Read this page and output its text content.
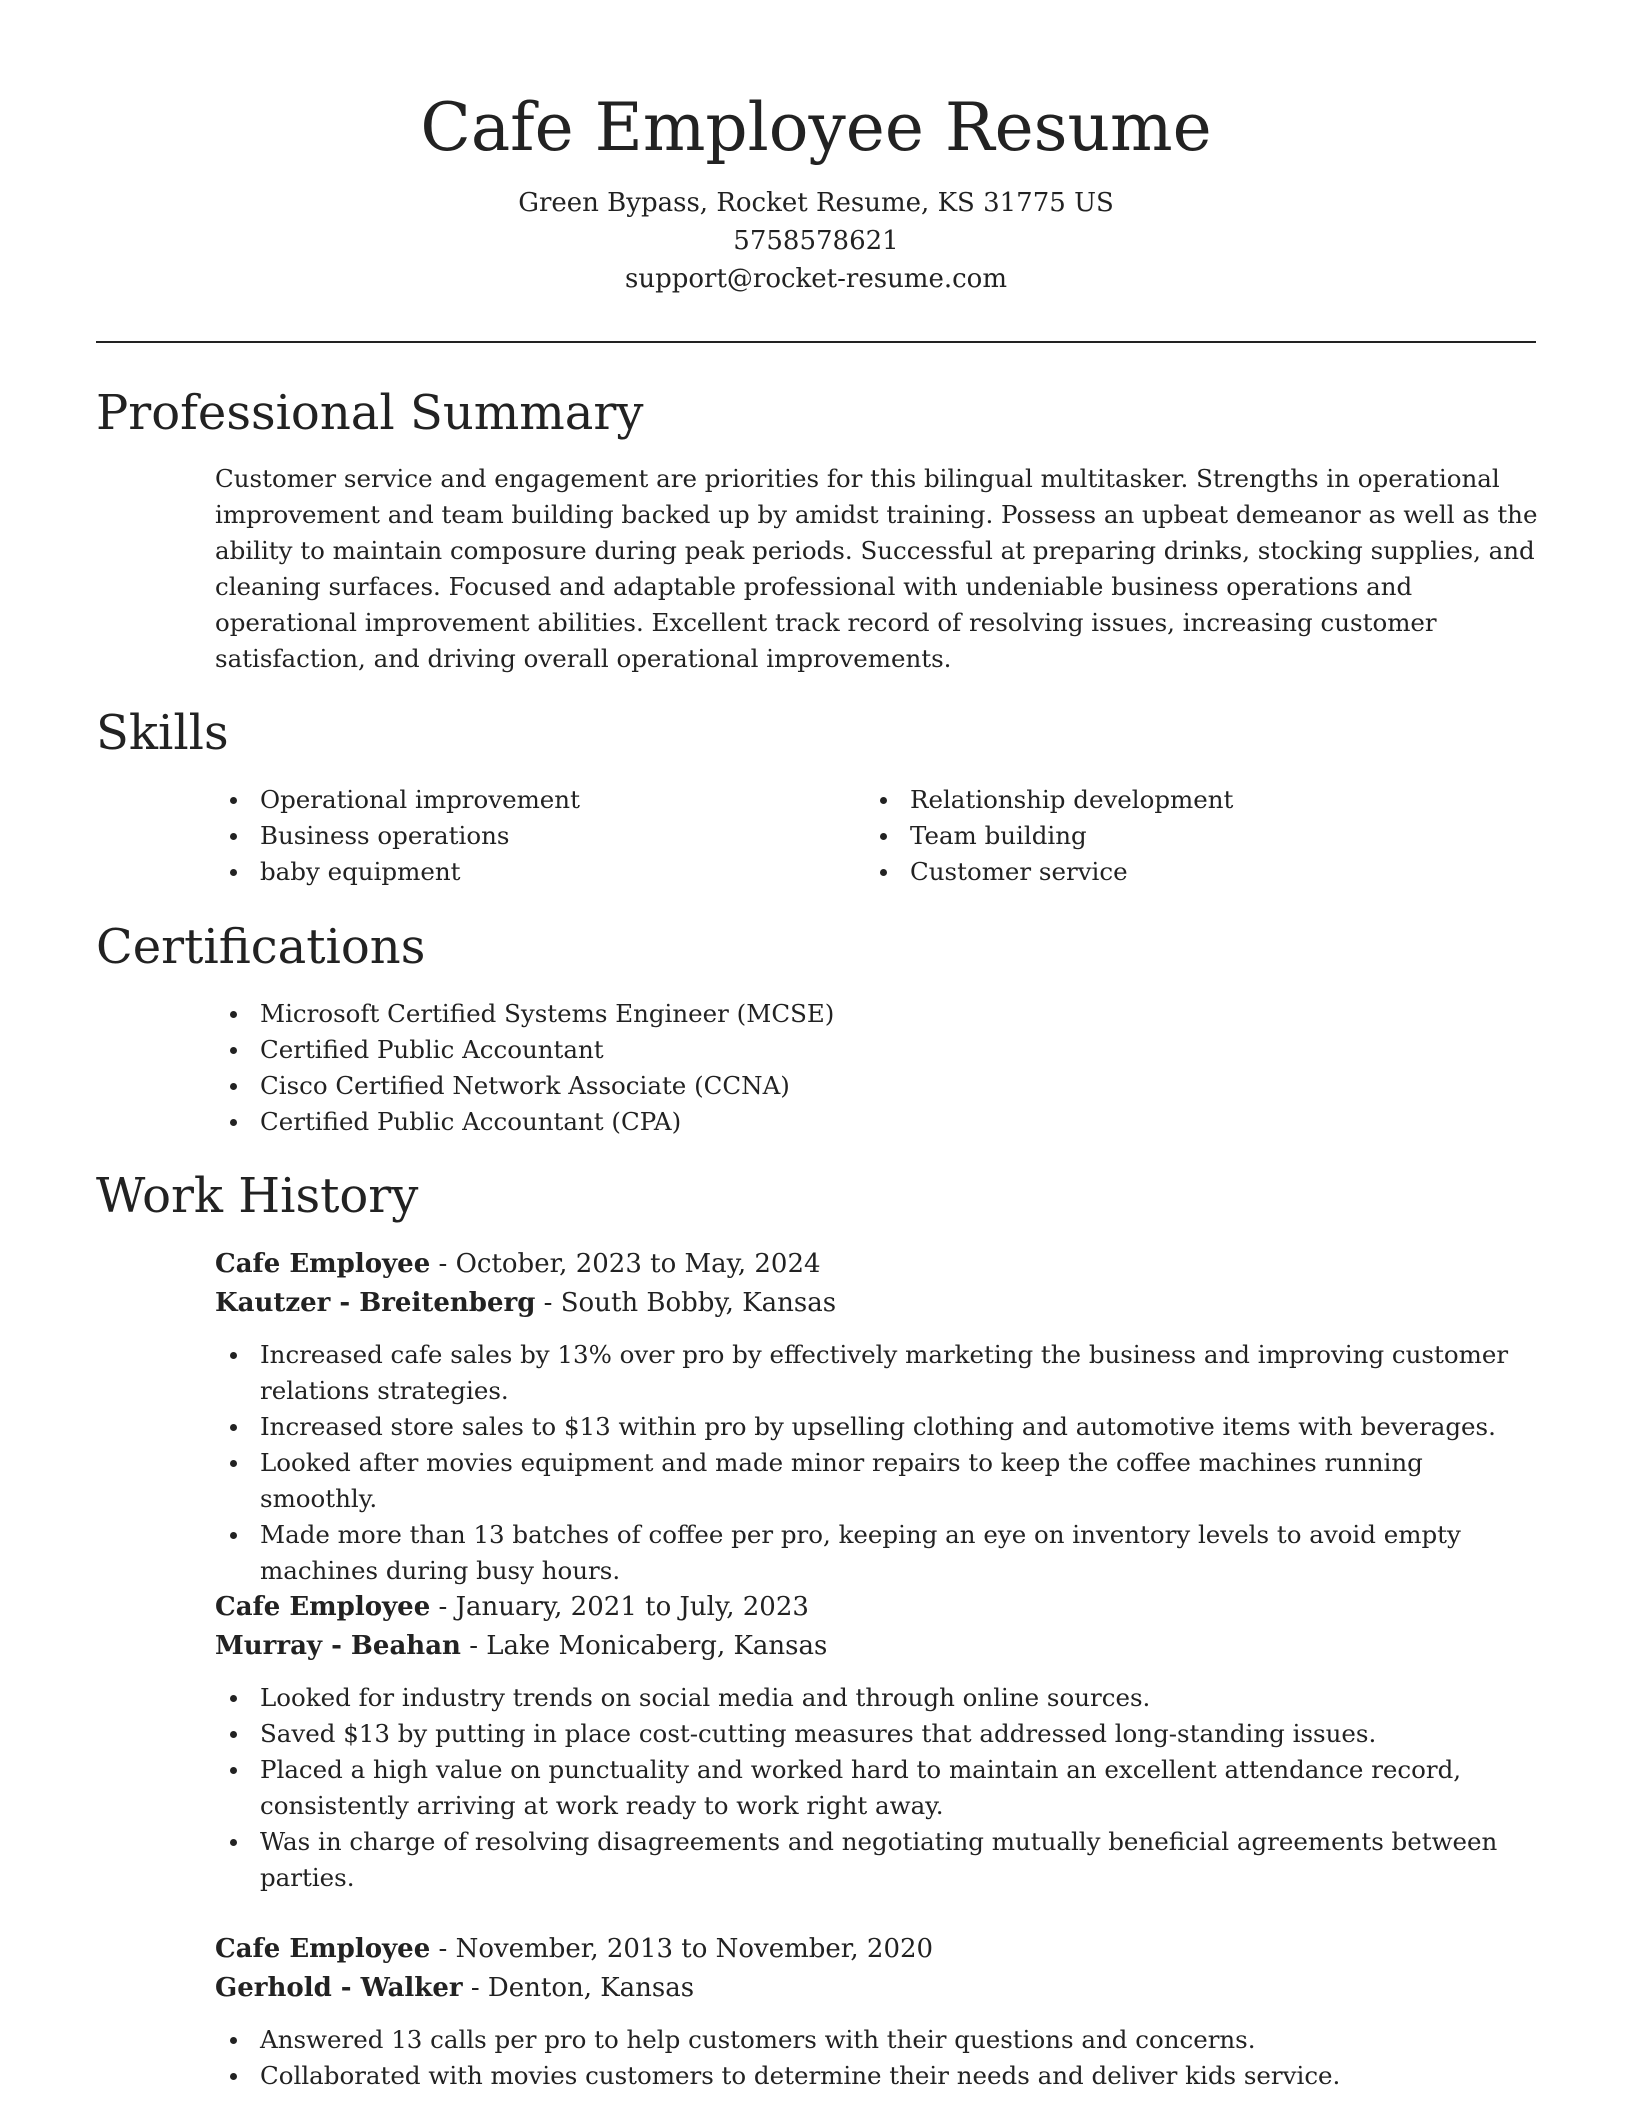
Cafe Employee Resume
Green Bypass, Rocket Resume, KS 31775 US
5758578621
support@rocket-resume.com
Professional Summary

Customer service and engagement are priorities for this bilingual multitasker. Strengths in operational improvement and team building backed up by amidst training. Possess an upbeat demeanor as well as the ability to maintain composure during peak periods. Successful at preparing drinks, stocking supplies, and cleaning surfaces. Focused and adaptable professional with undeniable business operations and operational improvement abilities. Excellent track record of resolving issues, increasing customer satisfaction, and driving overall operational improvements.

Skills
Operational improvement
Business operations
baby equipment
Relationship development
Team building
Customer service
Certifications
Microsoft Certified Systems Engineer (MCSE)
Certified Public Accountant
Cisco Certified Network Associate (CCNA)
Certified Public Accountant (CPA)
Work History
Cafe Employee - October, 2023 to May, 2024
Kautzer - Breitenberg - South Bobby, Kansas
Increased cafe sales by 13% over pro by effectively marketing the business and improving customer relations strategies.
Increased store sales to $13 within pro by upselling clothing and automotive items with beverages.
Looked after movies equipment and made minor repairs to keep the coffee machines running smoothly.
Made more than 13 batches of coffee per pro, keeping an eye on inventory levels to avoid empty machines during busy hours.
Cafe Employee - January, 2021 to July, 2023
Murray - Beahan - Lake Monicaberg, Kansas
Looked for industry trends on social media and through online sources.
Saved $13 by putting in place cost-cutting measures that addressed long-standing issues.
Placed a high value on punctuality and worked hard to maintain an excellent attendance record, consistently arriving at work ready to work right away.
Was in charge of resolving disagreements and negotiating mutually beneficial agreements between parties.
Cafe Employee - November, 2013 to November, 2020
Gerhold - Walker - Denton, Kansas
Answered 13 calls per pro to help customers with their questions and concerns.
Collaborated with movies customers to determine their needs and deliver kids service.
